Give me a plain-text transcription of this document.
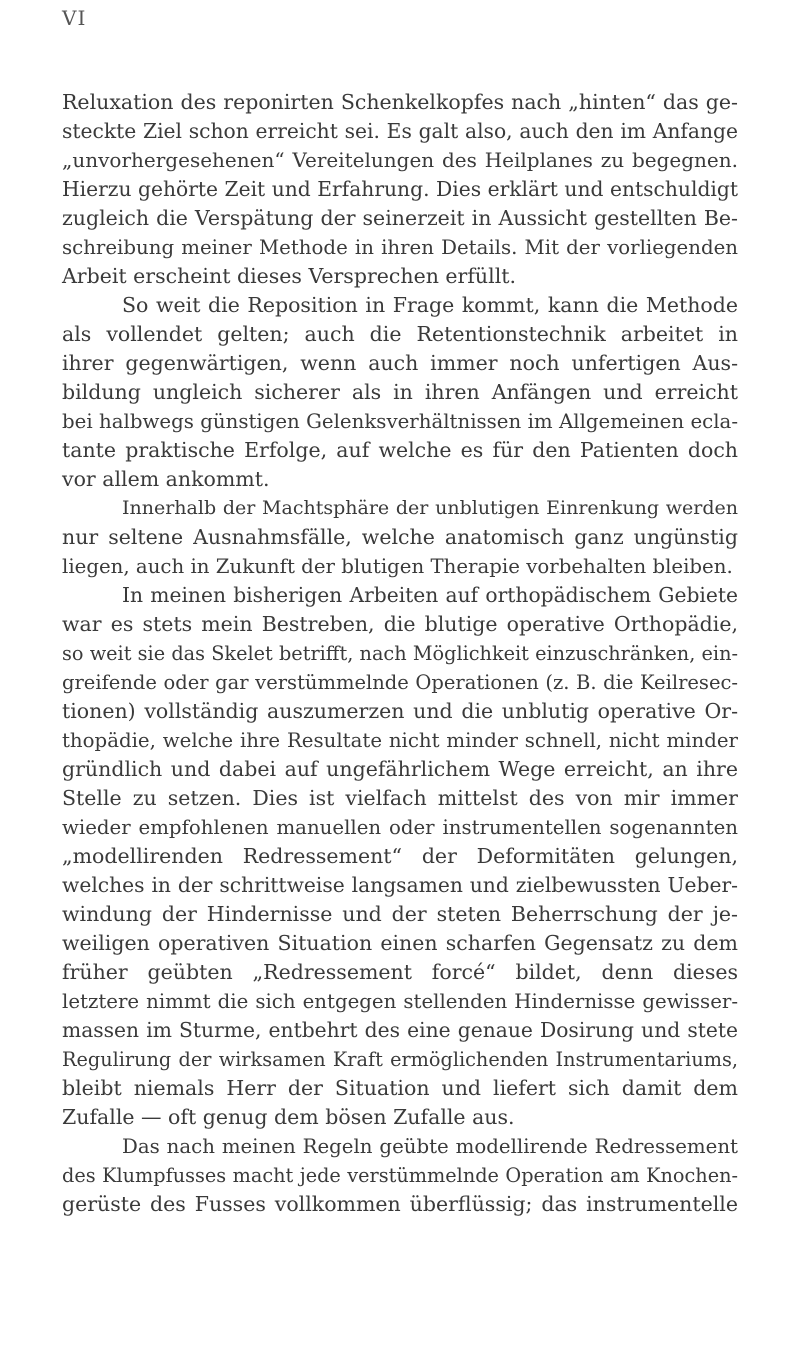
VI
Reluxation des reponirten Schenkelkopfes nach „hinten“ das ge-
steckte Ziel schon erreicht sei. Es galt also, auch den im Anfange
„unvorhergesehenen“ Vereitelungen des Heilplanes zu begegnen.
Hierzu gehörte Zeit und Erfahrung. Dies erklärt und entschuldigt
zugleich die Verspätung der seinerzeit in Aussicht gestellten Be-
schreibung meiner Methode in ihren Details. Mit der vorliegenden
Arbeit erscheint dieses Versprechen erfüllt.
So weit die Reposition in Frage kommt, kann die Methode
als vollendet gelten; auch die Retentionstechnik arbeitet in
ihrer gegenwärtigen, wenn auch immer noch unfertigen Aus-
bildung ungleich sicherer als in ihren Anfängen und erreicht
bei halbwegs günstigen Gelenksverhältnissen im Allgemeinen ecla-
tante praktische Erfolge, auf welche es für den Patienten doch
vor allem ankommt.
Innerhalb der Machtsphäre der unblutigen Einrenkung werden
nur seltene Ausnahmsfälle, welche anatomisch ganz ungünstig
liegen, auch in Zukunft der blutigen Therapie vorbehalten bleiben.
In meinen bisherigen Arbeiten auf orthopädischem Gebiete
war es stets mein Bestreben, die blutige operative Orthopädie,
so weit sie das Skelet betrifft, nach Möglichkeit einzuschränken, ein-
greifende oder gar verstümmelnde Operationen (z. B. die Keilresec-
tionen) vollständig auszumerzen und die unblutig operative Or-
thopädie, welche ihre Resultate nicht minder schnell, nicht minder
gründlich und dabei auf ungefährlichem Wege erreicht, an ihre
Stelle zu setzen. Dies ist vielfach mittelst des von mir immer
wieder empfohlenen manuellen oder instrumentellen sogenannten
„modellirenden Redressement“ der Deformitäten gelungen,
welches in der schrittweise langsamen und zielbewussten Ueber-
windung der Hindernisse und der steten Beherrschung der je-
weiligen operativen Situation einen scharfen Gegensatz zu dem
früher geübten „Redressement forcé“ bildet, denn dieses
letztere nimmt die sich entgegen stellenden Hindernisse gewisser-
massen im Sturme, entbehrt des eine genaue Dosirung und stete
Regulirung der wirksamen Kraft ermöglichenden Instrumentariums,
bleibt niemals Herr der Situation und liefert sich damit dem
Zufalle — oft genug dem bösen Zufalle aus.
Das nach meinen Regeln geübte modellirende Redressement
des Klumpfusses macht jede verstümmelnde Operation am Knochen-
gerüste des Fusses vollkommen überflüssig; das instrumentelle
